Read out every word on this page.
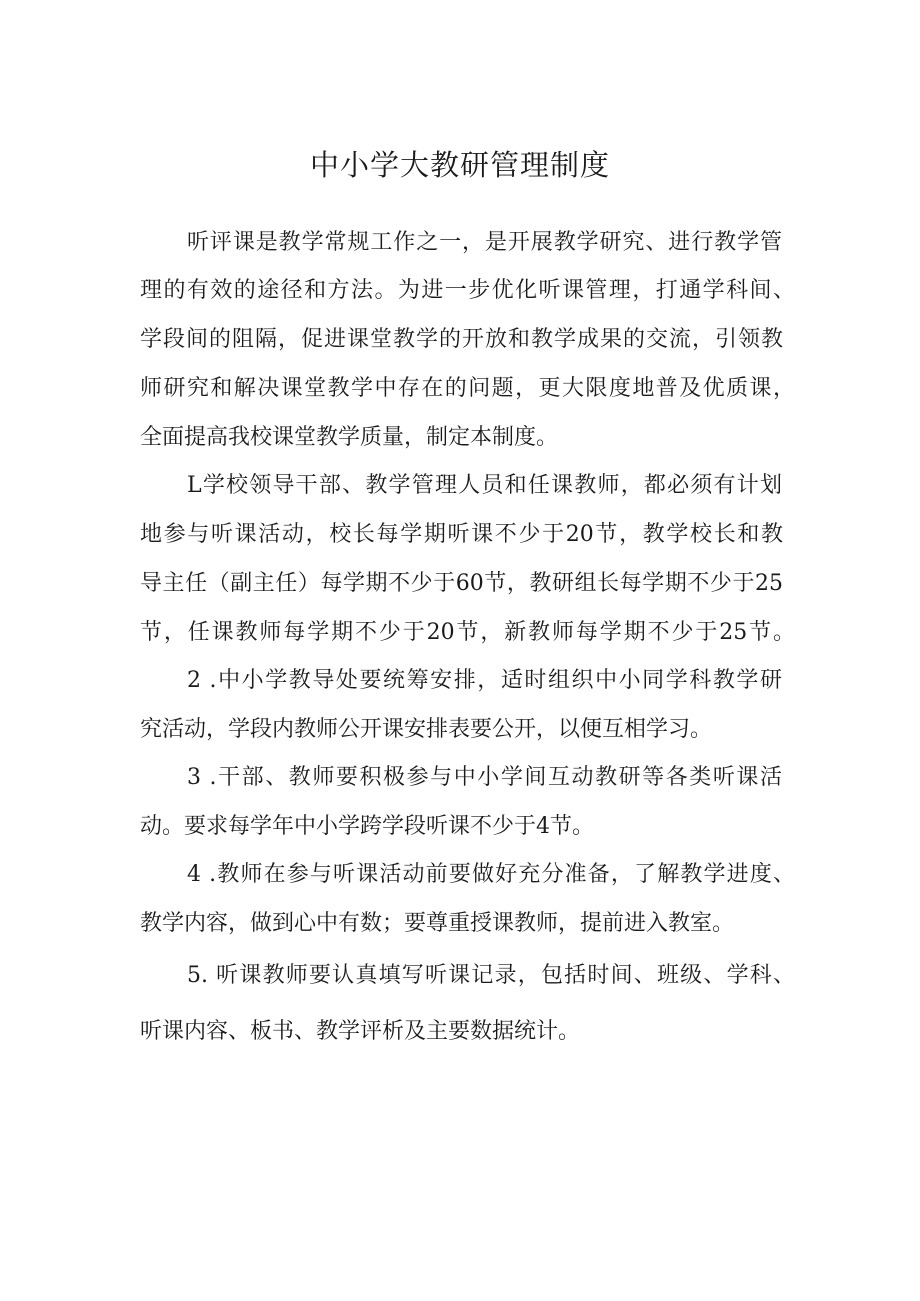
中小学大教研管理制度
听评课是教学常规工作之一，是开展教学研究、进行教学管
理的有效的途径和方法。为进一步优化听课管理，打通学科间、
学段间的阻隔，促进课堂教学的开放和教学成果的交流，引领教
师研究和解决课堂教学中存在的问题，更大限度地普及优质课，
全面提高我校课堂教学质量，制定本制度。
L学校领导干部、教学管理人员和任课教师，都必须有计划
地参与听课活动，校长每学期听课不少于20节，教学校长和教
导主任（副主任）每学期不少于60节，教研组长每学期不少于25
节，任课教师每学期不少于20节，新教师每学期不少于25节。
2 .中小学教导处要统筹安排，适时组织中小同学科教学研
究活动，学段内教师公开课安排表要公开，以便互相学习。
3 .干部、教师要积极参与中小学间互动教研等各类听课活
动。要求每学年中小学跨学段听课不少于4节。
4 .教师在参与听课活动前要做好充分准备，了解教学进度、
教学内容，做到心中有数；要尊重授课教师，提前进入教室。
5. 听课教师要认真填写听课记录，包括时间、班级、学科、
听课内容、板书、教学评析及主要数据统计。
